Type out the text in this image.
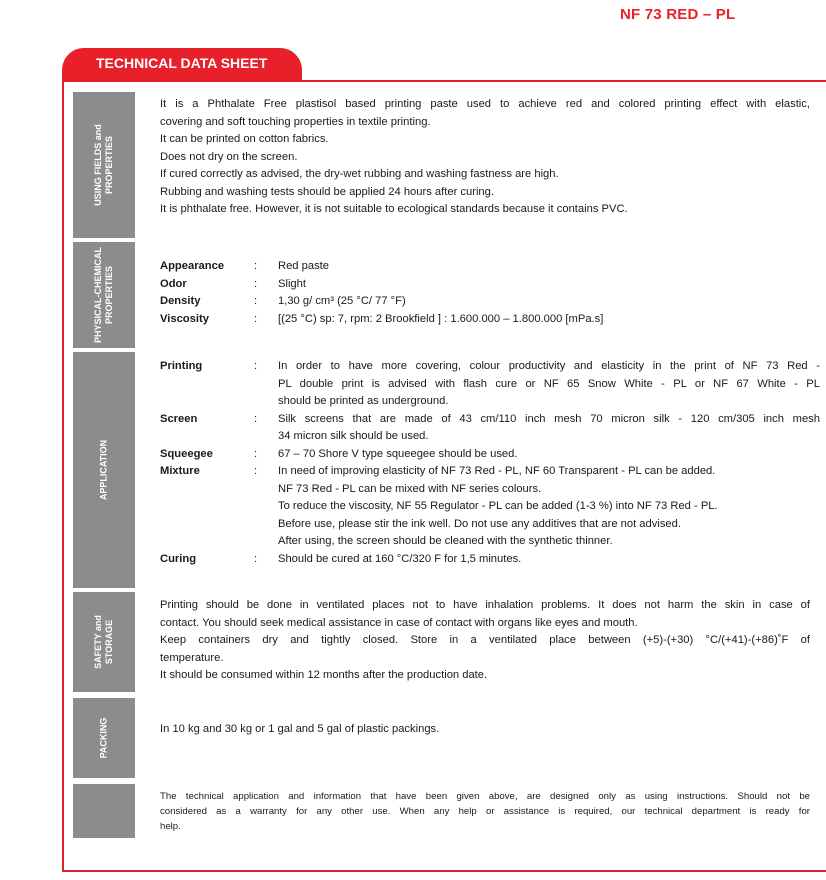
NF 73 RED – PL
TECHNICAL DATA SHEET
USING FIELDS and PROPERTIES
PHYSICAL-CHEMICAL PROPERTIES
APPLICATION
SAFETY and STORAGE
PACKING
It is a Phthalate Free plastisol based printing paste used to achieve red and colored printing effect with elastic,
covering and soft touching properties in textile printing.
It can be printed on cotton fabrics.
Does not dry on the screen.
If cured correctly as advised, the dry-wet rubbing and washing fastness are high.
Rubbing and washing tests should be applied 24 hours after curing.
It is phthalate free. However, it is not suitable to ecological standards because it contains PVC.
Appearance	:	Red paste
Odor	:	Slight
Density	:	1,30 g/ cm³ (25 °C/ 77 °F)
Viscosity	:	[(25 °C) sp: 7, rpm: 2 Brookfield ] : 1.600.000 – 1.800.000 [mPa.s]
Printing	:	In order to have more covering, colour productivity and elasticity in the print of NF 73 Red -
PL double print is advised with flash cure or NF 65 Snow White - PL or NF 67 White - PL
should be printed as underground.
Screen	:	Silk screens that are made of 43 cm/110 inch mesh 70 micron silk - 120 cm/305 inch mesh
34 micron silk should be used.
Squeegee	:	67 – 70 Shore V type squeegee should be used.
Mixture	:	In need of improving elasticity of NF 73 Red - PL, NF 60 Transparent - PL can be added.
NF 73 Red - PL can be mixed with NF series colours.
To reduce the viscosity, NF 55 Regulator - PL can be added (1-3 %) into NF 73 Red - PL.
Before use, please stir the ink well. Do not use any additives that are not advised.
After using, the screen should be cleaned with the synthetic thinner.
Curing	:	Should be cured at 160 °C/320 F for 1,5 minutes.
Printing should be done in ventilated places not to have inhalation problems. It does not harm the skin in case of
contact. You should seek medical assistance in case of contact with organs like eyes and mouth.
Keep containers dry and tightly closed. Store in a ventilated place between (+5)-(+30) °C/(+41)-(+86)˚F of
temperature.
It should be consumed within 12 months after the production date.
In 10 kg and 30 kg or 1 gal and 5 gal of plastic packings.
The technical application and information that have been given above, are designed only as using instructions. Should not be
considered as a warranty for any other use. When any help or assistance is required, our technical department is ready for
help.
